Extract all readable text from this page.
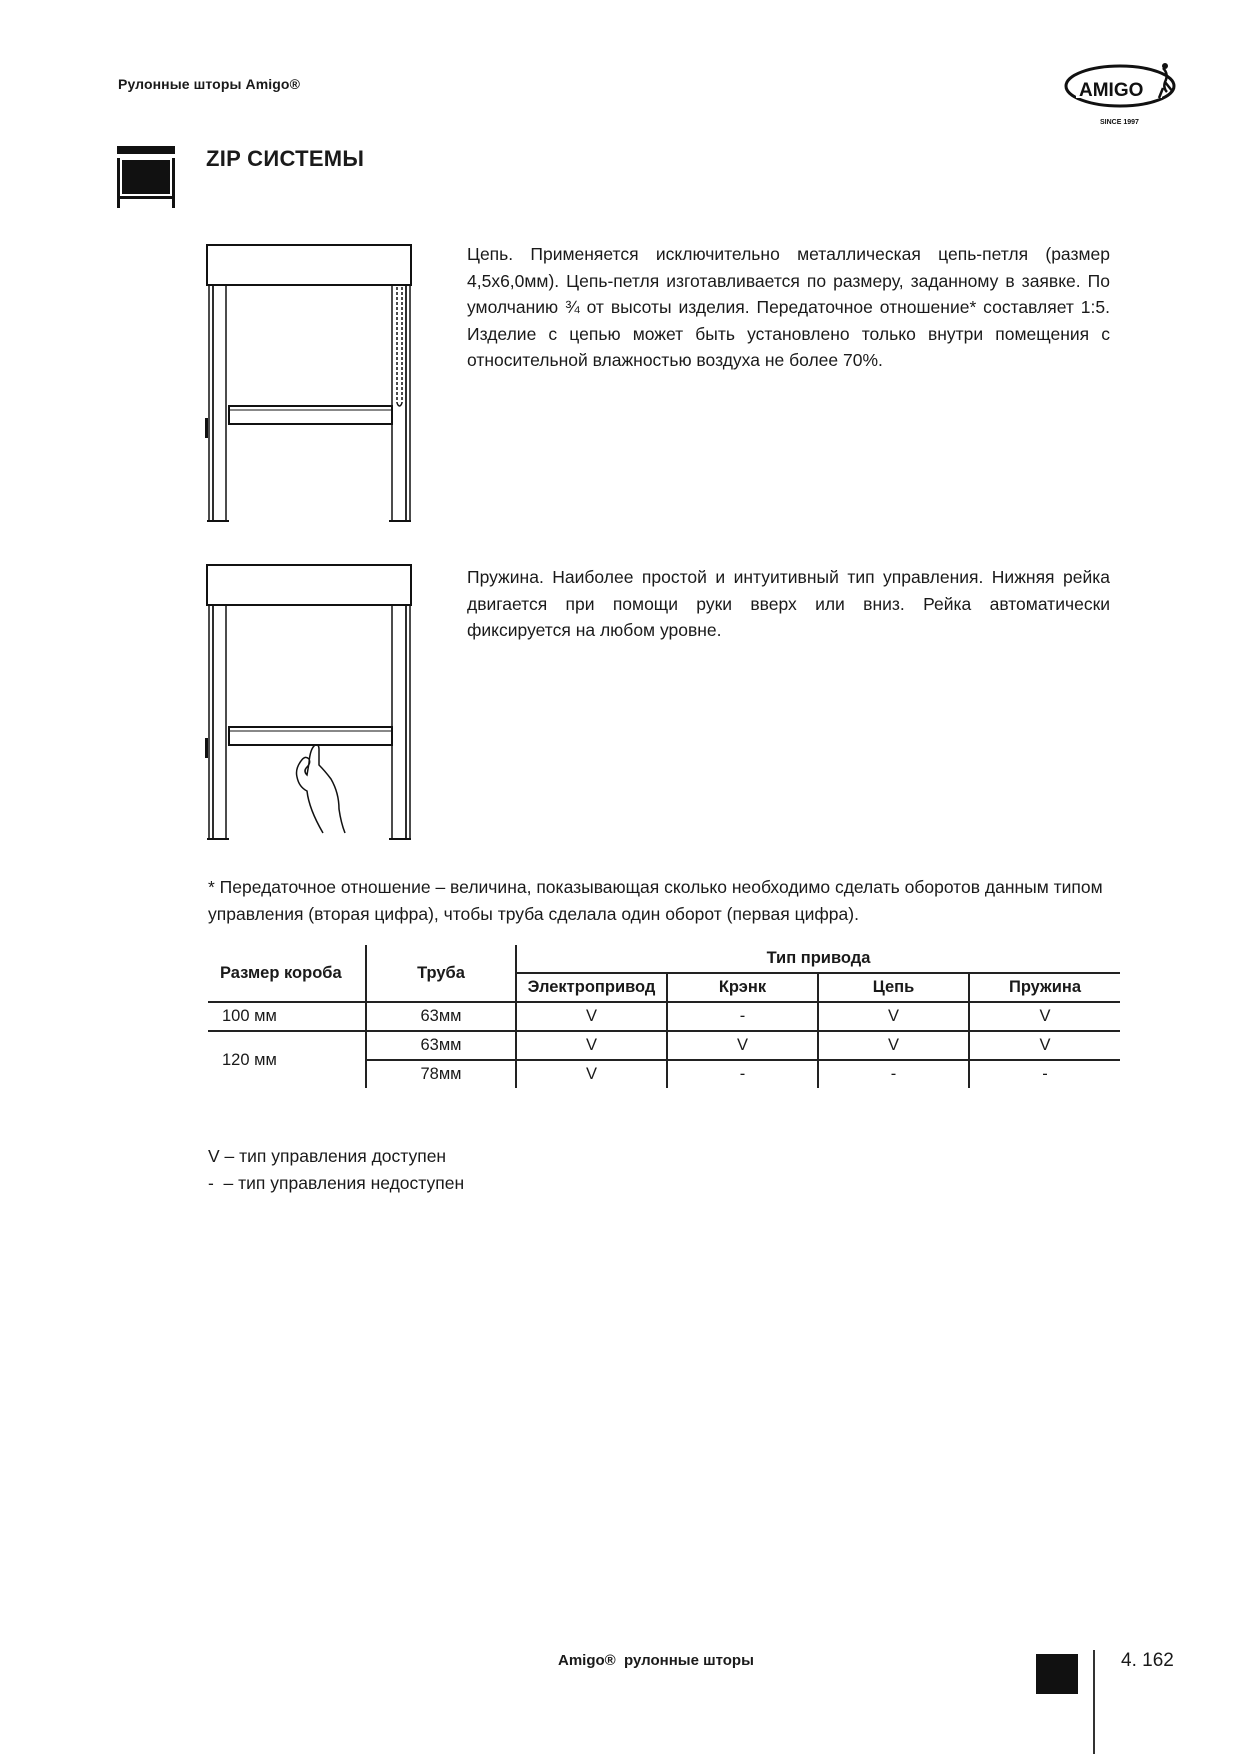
Рулонные шторы Amigo®	AMIGO
SINCE 1997
ZIP СИСТЕМЫ
Цепь. Применяется исключительно металлическая цепь-петля (размер 4,5х6,0мм). Цепь-петля изготавливается по размеру, заданному в заявке. По умолчанию ¾ от высоты изделия. Передаточное отношение* составляет 1:5. Изделие с цепью может быть установлено только внутри помещения с относительной влажностью воздуха не более 70%.
Пружина. Наиболее простой и интуитивный тип управления. Нижняя рейка двигается при помощи руки вверх или вниз. Рейка автоматически фиксируется на любом уровне.
* Передаточное отношение – величина, показывающая сколько необходимо сделать оборотов данным типом управления (вторая цифра), чтобы труба сделала один оборот (первая цифра).
Размер короба	Труба	Тип привода			
		Электропривод	Крэнк	Цепь	Пружина
100 мм	63мм	V	-	V	V
120 мм	63мм	V	V	V	V
	78мм	V	-	-	-
V – тип управления доступен
-  – тип управления недоступен
Amigo®  рулонные шторы	4. 162
